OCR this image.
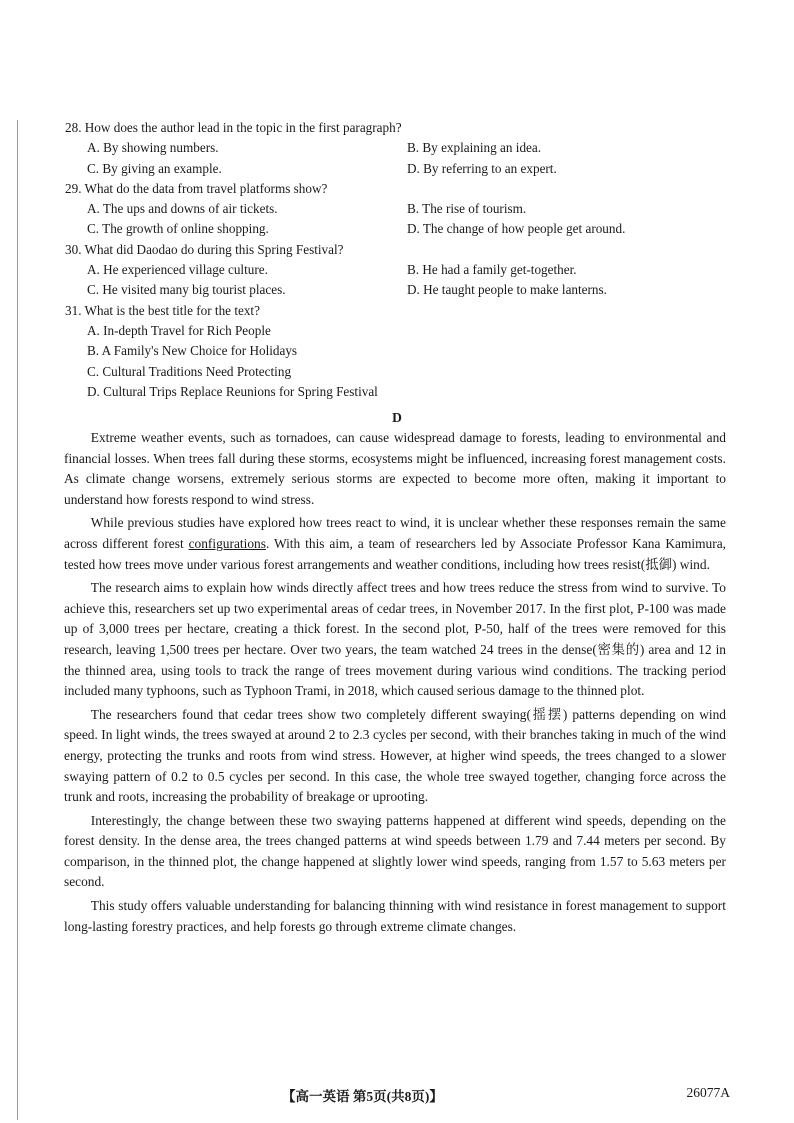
28. How does the author lead in the topic in the first paragraph?

A. By showing numbers.	B. By explaining an idea.

C. By giving an example.	D. By referring to an expert.

29. What do the data from travel platforms show?

A. The ups and downs of air tickets.	B. The rise of tourism.

C. The growth of online shopping.	D. The change of how people get around.

30. What did Daodao do during this Spring Festival?

A. He experienced village culture.	B. He had a family get-together.

C. He visited many big tourist places.	D. He taught people to make lanterns.

31. What is the best title for the text?

A. In-depth Travel for Rich People

B. A Family's New Choice for Holidays

C. Cultural Traditions Need Protecting

D. Cultural Trips Replace Reunions for Spring Festival

D

Extreme weather events, such as tornadoes, can cause widespread damage to forests, leading to environmental and financial losses. When trees fall during these storms, ecosystems might be influenced, increasing forest management costs. As climate change worsens, extremely serious storms are expected to become more often, making it important to understand how forests respond to wind stress.

While previous studies have explored how trees react to wind, it is unclear whether these responses remain the same across different forest configurations. With this aim, a team of researchers led by Associate Professor Kana Kamimura, tested how trees move under various forest arrangements and weather conditions, including how trees resist(抵御) wind.

The research aims to explain how winds directly affect trees and how trees reduce the stress from wind to survive. To achieve this, researchers set up two experimental areas of cedar trees, in November 2017. In the first plot, P-100 was made up of 3,000 trees per hectare, creating a thick forest. In the second plot, P-50, half of the trees were removed for this research, leaving 1,500 trees per hectare. Over two years, the team watched 24 trees in the dense(密集的) area and 12 in the thinned area, using tools to track the range of trees movement during various wind conditions. The tracking period included many typhoons, such as Typhoon Trami, in 2018, which caused serious damage to the thinned plot.

The researchers found that cedar trees show two completely different swaying(摇摆) patterns depending on wind speed. In light winds, the trees swayed at around 2 to 2.3 cycles per second, with their branches taking in much of the wind energy, protecting the trunks and roots from wind stress. However, at higher wind speeds, the trees changed to a slower swaying pattern of 0.2 to 0.5 cycles per second. In this case, the whole tree swayed together, changing force across the trunk and roots, increasing the probability of breakage or uprooting.

Interestingly, the change between these two swaying patterns happened at different wind speeds, depending on the forest density. In the dense area, the trees changed patterns at wind speeds between 1.79 and 7.44 meters per second. By comparison, in the thinned plot, the change happened at slightly lower wind speeds, ranging from 1.57 to 5.63 meters per second.

This study offers valuable understanding for balancing thinning with wind resistance in forest management to support long-lasting forestry practices, and help forests go through extreme climate changes.

【高一英语 第5页(共8页)】	26077A
